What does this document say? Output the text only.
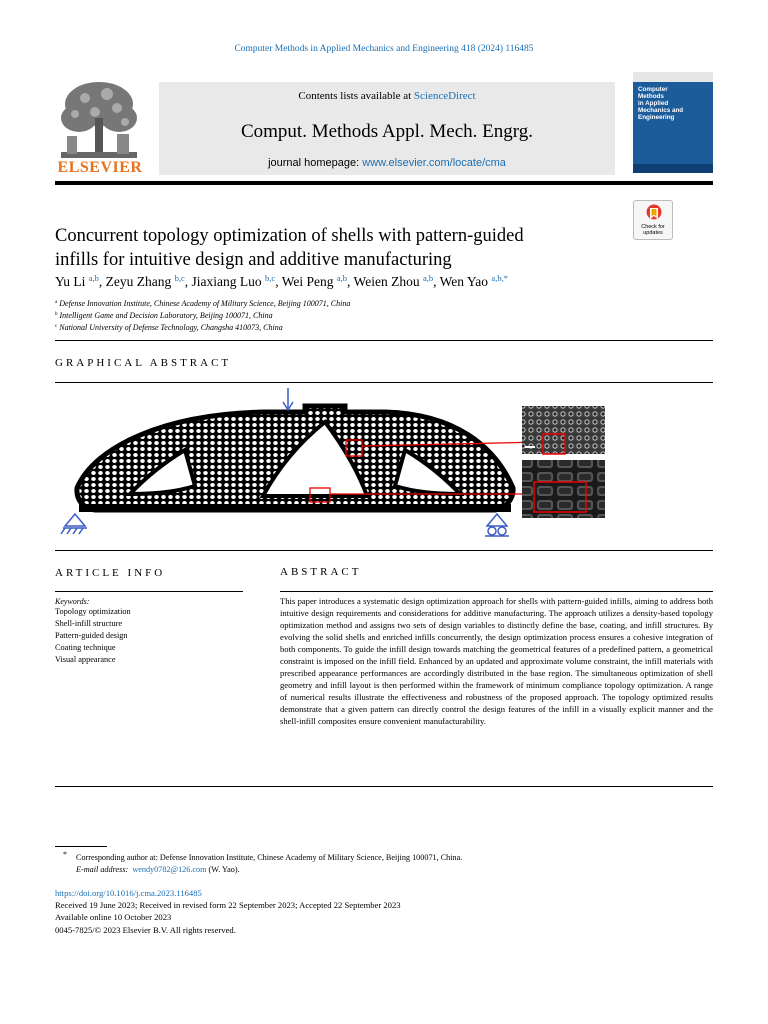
Computer Methods in Applied Mechanics and Engineering 418 (2024) 116485
ELSEVIER
Contents lists available at ScienceDirect
Comput. Methods Appl. Mech. Engrg.
journal homepage: www.elsevier.com/locate/cma
Computer
Methods
in Applied
Mechanics and
Engineering
Check for
updates
Concurrent topology optimization of shells with pattern-guided
infills for intuitive design and additive manufacturing
Yu Li $^{a,b}$, Zeyu Zhang $^{b,c}$, Jiaxiang Luo $^{b,c}$, Wei Peng $^{a,b}$, Weien Zhou $^{a,b}$, Wen Yao $^{a,b,*}$
$^a$ Defense Innovation Institute, Chinese Academy of Military Science, Beijing 100071, China
$^b$ Intelligent Game and Decision Laboratory, Beijing 100071, China
$^c$ National University of Defense Technology, Changsha 410073, China
GRAPHICAL ABSTRACT
ARTICLE INFO	ABSTRACT
Keywords:
Topology optimization
Shell-infill structure
Pattern-guided design
Coating technique
Visual appearance
This paper introduces a systematic design optimization approach for shells with pattern-guided infills, aiming to address both intuitive design requirements and considerations for additive manufacturing. The approach utilizes a density-based topology optimization method and assigns two sets of design variables to distinctly define the base, coating, and infill structures. By evolving the solid shells and enriched infills concurrently, the design optimization process ensures a cohesive integration of both components. To guide the infill design towards matching the geometrical features of a predefined pattern, a geometrical constraint is imposed on the infill field. Enhanced by an updated and approximate volume constraint, the infill materials with prescribed appearance performances are accordingly distributed in the base region. The simultaneous optimization of shell geometry and infill layout is then performed within the framework of minimum compliance topology optimization. A range of numerical results illustrate the effectiveness and robustness of the proposed approach. The topology optimized results demonstrate that a given pattern can directly control the design features of the infill in a visually explicit manner and the shell-infill composites ensure convenient manufacturability.
* Corresponding author at: Defense Innovation Institute, Chinese Academy of Military Science, Beijing 100071, China.
E-mail address: wendy0782@126.com (W. Yao).
https://doi.org/10.1016/j.cma.2023.116485
Received 19 June 2023; Received in revised form 22 September 2023; Accepted 22 September 2023
Available online 10 October 2023
0045-7825/© 2023 Elsevier B.V. All rights reserved.
